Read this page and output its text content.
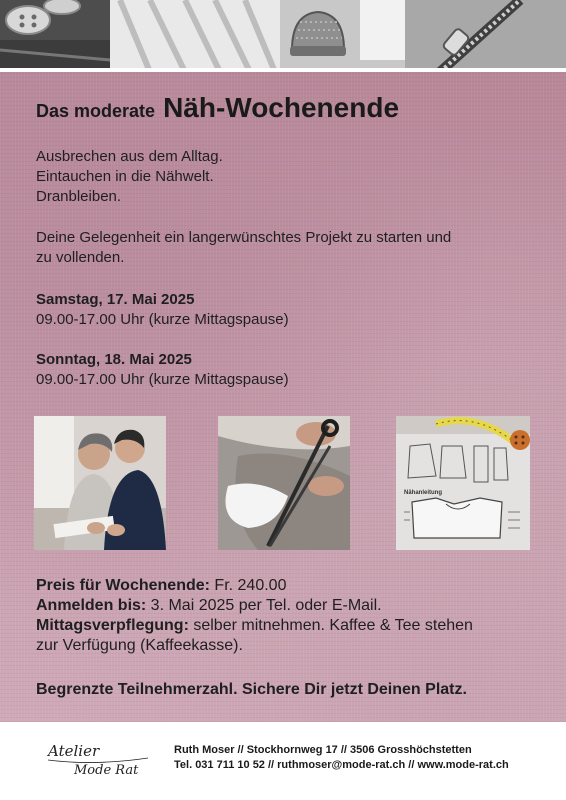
Das moderate Näh-Wochenende
Ausbrechen aus dem Alltag.
Eintauchen in die Nähwelt.
Dranbleiben.
Deine Gelegenheit ein langerwünschtes Projekt zu starten und
zu vollenden.
Samstag, 17. Mai 2025
09.00-17.00 Uhr (kurze Mittagspause)
Sonntag, 18. Mai 2025
09.00-17.00 Uhr (kurze Mittagspause)
Nähanleitung
Preis für Wochenende: Fr. 240.00
Anmelden bis: 3. Mai 2025 per Tel. oder E-Mail.
Mittagsverpflegung: selber mitnehmen. Kaffee & Tee stehen
zur Verfügung (Kaffeekasse).
Begrenzte Teilnehmerzahl. Sichere Dir jetzt Deinen Platz.
Atelier
Mode Rat
Ruth Moser // Stockhornweg 17 // 3506 Grosshöchstetten
Tel. 031 711 10 52 // ruthmoser@mode-rat.ch // www.mode-rat.ch
